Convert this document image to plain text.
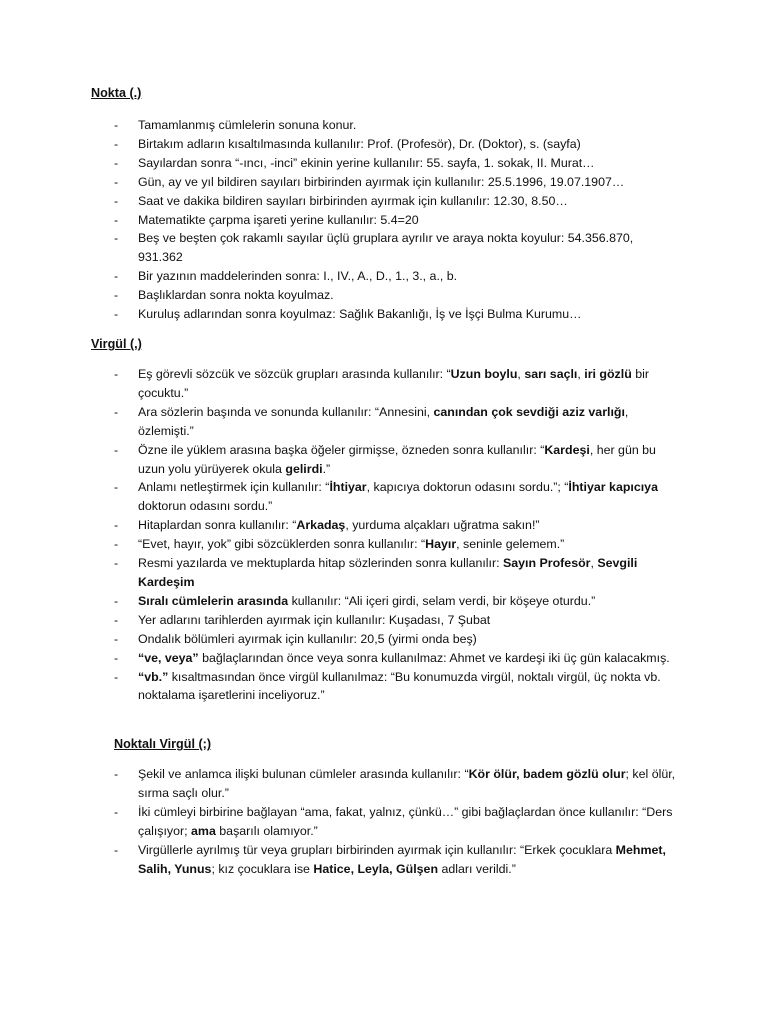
Nokta (.)
- Tamamlanmış cümlelerin sonuna konur.
- Birtakım adların kısaltılmasında kullanılır: Prof. (Profesör), Dr. (Doktor), s. (sayfa)
- Sayılardan sonra “-ıncı, -inci” ekinin yerine kullanılır: 55. sayfa, 1. sokak, II. Murat…
- Gün, ay ve yıl bildiren sayıları birbirinden ayırmak için kullanılır: 25.5.1996, 19.07.1907…
- Saat ve dakika bildiren sayıları birbirinden ayırmak için kullanılır: 12.30, 8.50…
- Matematikte çarpma işareti yerine kullanılır: 5.4=20
- Beş ve beşten çok rakamlı sayılar üçlü gruplara ayrılır ve araya nokta koyulur: 54.356.870, 931.362
- Bir yazının maddelerinden sonra: I., IV., A., D., 1., 3., a., b.
- Başlıklardan sonra nokta koyulmaz.
- Kuruluş adlarından sonra koyulmaz: Sağlık Bakanlığı, İş ve İşçi Bulma Kurumu…
Virgül (,)
- Eş görevli sözcük ve sözcük grupları arasında kullanılır: “Uzun boylu, sarı saçlı, iri gözlü bir çocuktu.”
- Ara sözlerin başında ve sonunda kullanılır: “Annesini, canından çok sevdiği aziz varlığı, özlemişti.”
- Özne ile yüklem arasına başka öğeler girmişse, özneden sonra kullanılır: “Kardeşi, her gün bu uzun yolu yürüyerek okula gelirdi.”
- Anlamı netleştirmek için kullanılır: “İhtiyar, kapıcıya doktorun odasını sordu.”; “İhtiyar kapıcıya doktorun odasını sordu.”
- Hitaplardan sonra kullanılır: “Arkadaş, yurduma alçakları uğratma sakın!”
- “Evet, hayır, yok” gibi sözcüklerden sonra kullanılır: “Hayır, seninle gelemem.”
- Resmi yazılarda ve mektuplarda hitap sözlerinden sonra kullanılır: Sayın Profesör, Sevgili Kardeşim
- Sıralı cümlelerin arasında kullanılır: “Ali içeri girdi, selam verdi, bir köşeye oturdu.”
- Yer adlarını tarihlerden ayırmak için kullanılır: Kuşadası, 7 Şubat
- Ondalık bölümleri ayırmak için kullanılır: 20,5 (yirmi onda beş)
- “ve, veya” bağlaçlarından önce veya sonra kullanılmaz: Ahmet ve kardeşi iki üç gün kalacakmış.
- “vb.” kısaltmasından önce virgül kullanılmaz: “Bu konumuzda virgül, noktalı virgül, üç nokta vb. noktalama işaretlerini inceliyoruz.”
Noktalı Virgül (;)
- Şekil ve anlamca ilişki bulunan cümleler arasında kullanılır: “Kör ölür, badem gözlü olur; kel ölür, sırma saçlı olur.”
- İki cümleyi birbirine bağlayan “ama, fakat, yalnız, çünkü…” gibi bağlaçlardan önce kullanılır: “Ders çalışıyor; ama başarılı olamıyor.”
- Virgüllerle ayrılmış tür veya grupları birbirinden ayırmak için kullanılır: “Erkek çocuklara Mehmet, Salih, Yunus; kız çocuklara ise Hatice, Leyla, Gülşen adları verildi.”
